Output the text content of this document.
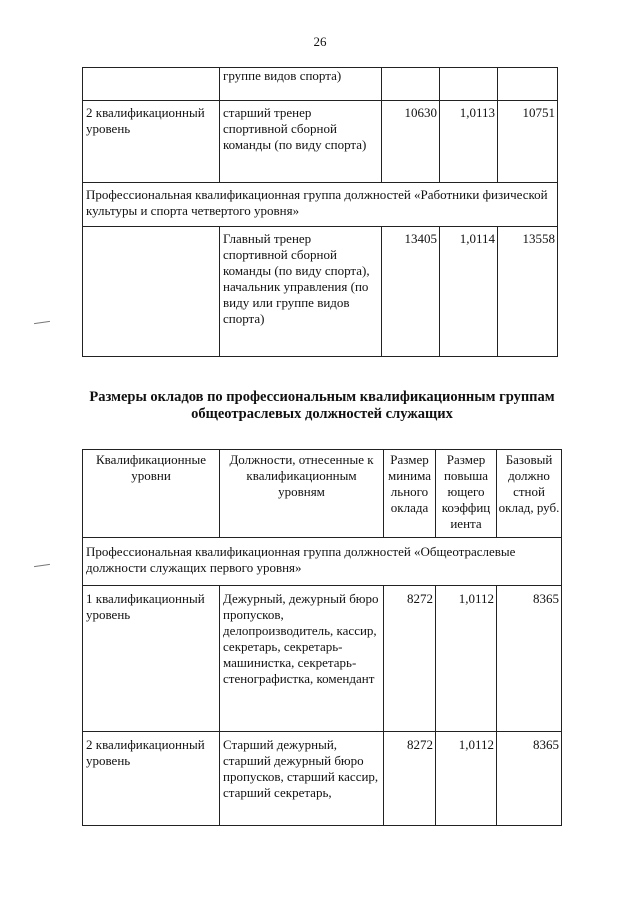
26
	группе видов спорта)			
2 квалификационный уровень	старший тренер спортивной сборной команды (по виду спорта)	10630	1,0113	10751
Профессиональная квалификационная группа должностей «Работники физической культуры и спорта четвертого уровня»				
	Главный тренер спортивной сборной команды (по виду спорта), начальник управления (по виду или группе видов спорта)	13405	1,0114	13558
Размеры окладов по профессиональным квалификационным группам общеотраслевых должностей служащих
Квалификационные уровни	Должности, отнесенные к квалификационным уровням	Размер минима льного оклада	Размер повыша ющего коэффиц иента	Базовый должно стной оклад, руб.
Профессиональная квалификационная группа должностей «Общеотраслевые должности служащих первого уровня»				
1 квалификационный уровень	Дежурный, дежурный бюро пропусков, делопроизводитель, кассир, секретарь, секретарь-машинистка, секретарь-стенографистка, комендант	8272	1,0112	8365
2 квалификационный уровень	Старший дежурный, старший дежурный бюро пропусков, старший кассир, старший секретарь,	8272	1,0112	8365
